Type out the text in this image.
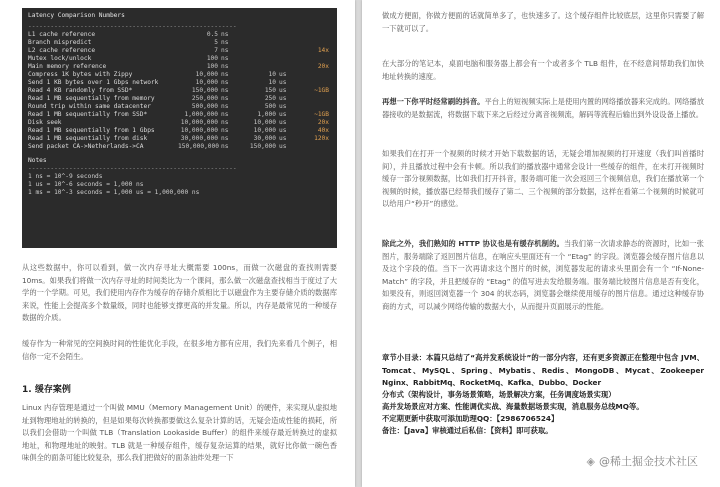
Latency Comparison Numbers
--------------------------------------------------------
L1 cache reference	0.5 ns
Branch mispredict	5 ns
L2 cache reference	7 ns	14x
Mutex lock/unlock	100 ns
Main memory reference	100 ns	20x
Compress 1K bytes with Zippy	10,000 ns	10 us
Send 1 KB bytes over 1 Gbps network	10,000 ns	10 us
Read 4 KB randomly from SSD*	150,000 ns	150 us	~1GB
Read 1 MB sequentially from memory	250,000 ns	250 us
Round trip within same datacenter	500,000 ns	500 us
Read 1 MB sequentially from SSD*	1,000,000 ns	1,000 us	~1GB
Disk seek	10,000,000 ns	10,000 us	20x
Read 1 MB sequentially from 1 Gbps	10,000,000 ns	10,000 us	40x
Read 1 MB sequentially from disk	30,000,000 ns	30,000 us	120x
Send packet CA->Netherlands->CA	150,000,000 ns	150,000 us
Notes
--------------------------------------------------------
1 ns = 10^-9 seconds
1 us = 10^-6 seconds = 1,000 ns
1 ms = 10^-3 seconds = 1,000 us = 1,000,000 ns

从这些数据中，你可以看到，做一次内存寻址大概需要 100ns，而做一次磁盘的查找则需要 10ms。如果我们将做一次内存寻址的时间类比为一个课间，那么做一次磁盘查找相当于度过了大学的一个学期。可见，我们使用内存作为缓存的存储介质相比于以磁盘作为主要存储介质的数据库来说，性能上会提高多个数量级，同时也能够支撑更高的并发量。所以，内存是最常见的一种缓存数据的介质。

缓存作为一种常见的空间换时间的性能优化手段，在很多地方都有应用，我们先来看几个例子，相信你一定不会陌生。

1. 缓存案例

Linux 内存管理是通过一个叫做 MMU（Memory Management Unit）的硬件，来实现从虚拟地址到物理地址的转换的，但是如果每次转换都要做这么复杂计算的话，无疑会造成性能的损耗，所以我们会借助一个叫做 TLB（Translation Lookaside Buffer）的组件来缓存最近转换过的虚拟地址，和物理地址的映射。TLB 就是一种缓存组件，缓存复杂运算的结果，就好比你做一碗色香味俱全的面条可能比较复杂，那么我们把做好的面条油炸处理一下

做成方便面，你做方便面的话就简单多了，也快速多了。这个缓存组件比较底层，这里你只需要了解一下就可以了。

在大部分的笔记本，桌面电脑和服务器上都会有一个或者多个 TLB 组件，在不经意间帮助我们加快地址转换的速度。

再想一下你平时经常刷的抖音。平台上的短视频实际上是使用内置的网络播放器来完成的。网络播放器接收的是数据流，将数据下载下来之后经过分离音视频流，解码等流程后输出到外设设备上播放。

如果我们在打开一个视频的时候才开始下载数据的话，无疑会增加视频的打开速度（我们叫首播时间），并且播放过程中会有卡顿。所以我们的播放器中通常会设计一些缓存的组件，在未打开视频时缓存一部分视频数据，比如我们打开抖音，服务端可能一次会返回三个视频信息，我们在播放第一个视频的时候，播放器已经帮我们缓存了第二、三个视频的部分数据，这样在看第二个视频的时候就可以给用户“秒开”的感觉。

除此之外，我们熟知的 HTTP 协议也是有缓存机制的。当我们第一次请求静态的资源时，比如一张图片，服务端除了返回图片信息，在响应头里面还有一个 “Etag” 的字段。浏览器会缓存图片信息以及这个字段的值。当下一次再请求这个图片的时候，浏览器发起的请求头里面会有一个 “If-None-Match” 的字段，并且把缓存的 “Etag” 的值写进去发给服务端。服务端比较图片信息是否有变化，如果没有，则返回浏览器一个 304 的状态码，浏览器会继续使用缓存的图片信息。通过这种缓存协商的方式，可以减少网络传输的数据大小，从而提升页面展示的性能。

章节小目录：本篇只总结了“高并发系统设计”的一部分内容，还有更多资源正在整理中包含 JVM、Tomcat、MySQL、Spring、Mybatis、Redis、MongoDB、Mycat、Zookeeper Nginx、RabbitMq、RocketMq、Kafka、Dubbo、Docker

分布式（架构设计，事务场景策略，场景解决方案，任务调度场景实现）

高并发场景应对方案、性能调优实战、海量数据场景实现，消息服务总线MQ等。

不定期更新中获取可添加助理QQ：【2986706524】

备注：【Java】审核通过后私信：【资料】即可获取。

◈ @稀土掘金技术社区
